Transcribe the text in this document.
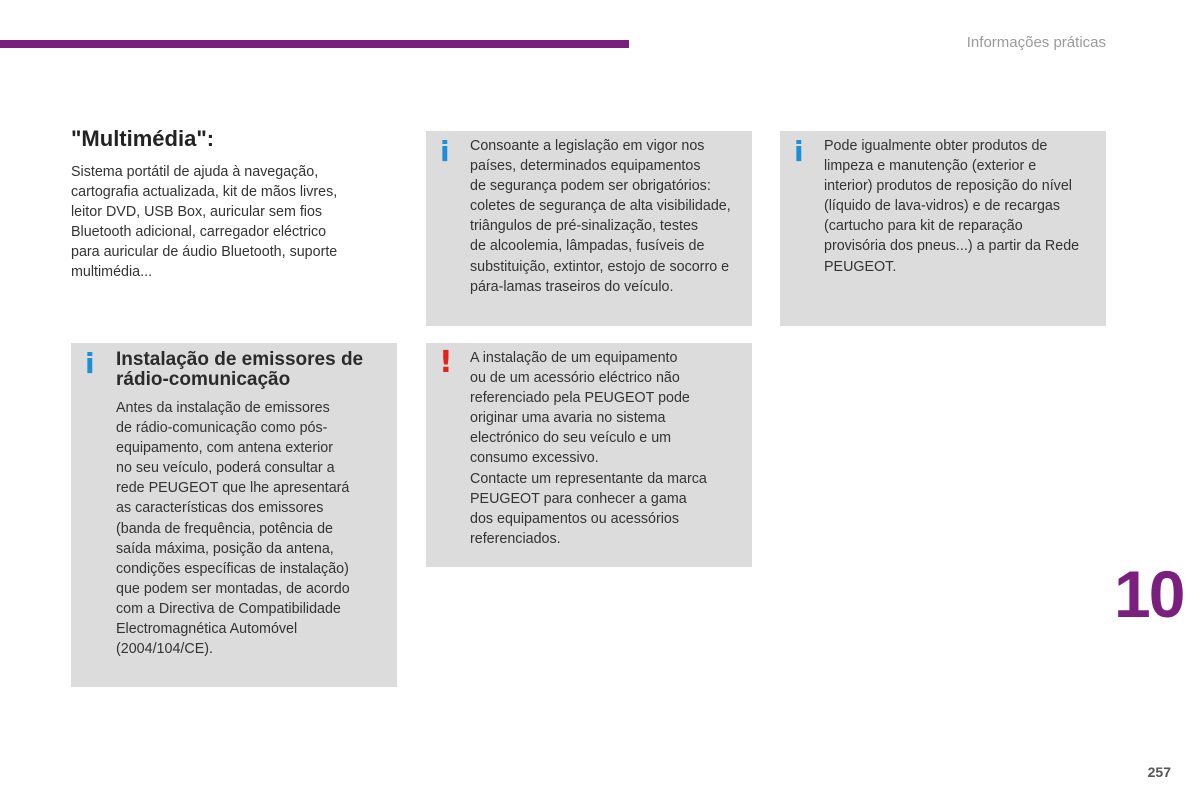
Informações práticas
"Multimédia":
Sistema portátil de ajuda à navegação,
cartografia actualizada, kit de mãos livres,
leitor DVD, USB Box, auricular sem fios
Bluetooth adicional, carregador eléctrico
para auricular de áudio Bluetooth, suporte
multimédia...
i Instalação de emissores de
rádio-comunicação
Antes da instalação de emissores
de rádio-comunicação como pós-
equipamento, com antena exterior
no seu veículo, poderá consultar a
rede PEUGEOT que lhe apresentará
as características dos emissores
(banda de frequência, potência de
saída máxima, posição da antena,
condições específicas de instalação)
que podem ser montadas, de acordo
com a Directiva de Compatibilidade
Electromagnética Automóvel
(2004/104/CE).
i Consoante a legislação em vigor nos
países, determinados equipamentos
de segurança podem ser obrigatórios:
coletes de segurança de alta visibilidade,
triângulos de pré-sinalização, testes
de alcoolemia, lâmpadas, fusíveis de
substituição, extintor, estojo de socorro e
pára-lamas traseiros do veículo.
! A instalação de um equipamento
ou de um acessório eléctrico não
referenciado pela PEUGEOT pode
originar uma avaria no sistema
electrónico do seu veículo e um
consumo excessivo.
Contacte um representante da marca
PEUGEOT para conhecer a gama
dos equipamentos ou acessórios
referenciados.
i Pode igualmente obter produtos de
limpeza e manutenção (exterior e
interior) produtos de reposição do nível
(líquido de lava-vidros) e de recargas
(cartucho para kit de reparação
provisória dos pneus...) a partir da Rede
PEUGEOT.
10
257
